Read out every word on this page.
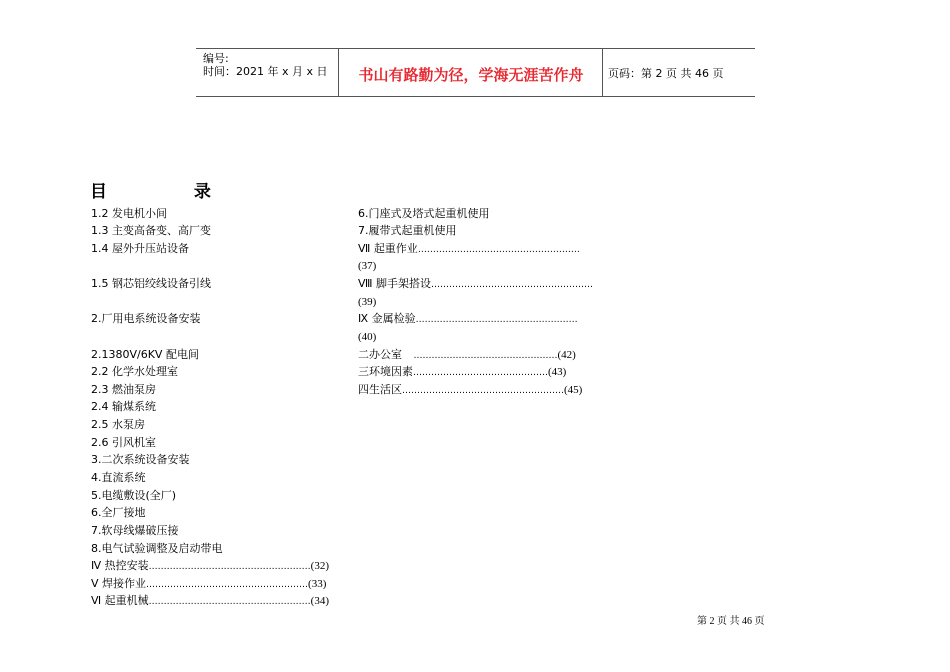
编号:
时间：2021 年 x 月 x 日	书山有路勤为径，学海无涯苦作舟	页码：第 2 页 共 46 页
目	录
1.2 发电机小间
1.3 主变高备变、高厂变
1.4 屋外升压站设备
1.5 钢芯铝绞线设备引线
2.厂用电系统设备安装
2.1380V/6KV 配电间
2.2 化学水处理室
2.3 燃油泵房
2.4 输煤系统
2.5 水泵房
2.6 引风机室
3.二次系统设备安装
4.直流系统
5.电缆敷设(全厂)
6.全厂接地
7.软母线爆破压接
8.电气试验调整及启动带电
Ⅳ 热控安装………………………………………………(32)
Ⅴ 焊接作业………………………………………………(33)
Ⅵ 起重机械………………………………………………(34)
6.门座式及塔式起重机使用
7.履带式起重机使用
Ⅶ 起重作业………………………………………………
(37)
Ⅷ 脚手架搭设………………………………………………
(39)
Ⅸ 金属检验………………………………………………
(40)
二办公室    …………………………………………(42)
三环境因素………………………………………(43)
四生活区………………………………………………(45)
第 2 页 共 46 页
